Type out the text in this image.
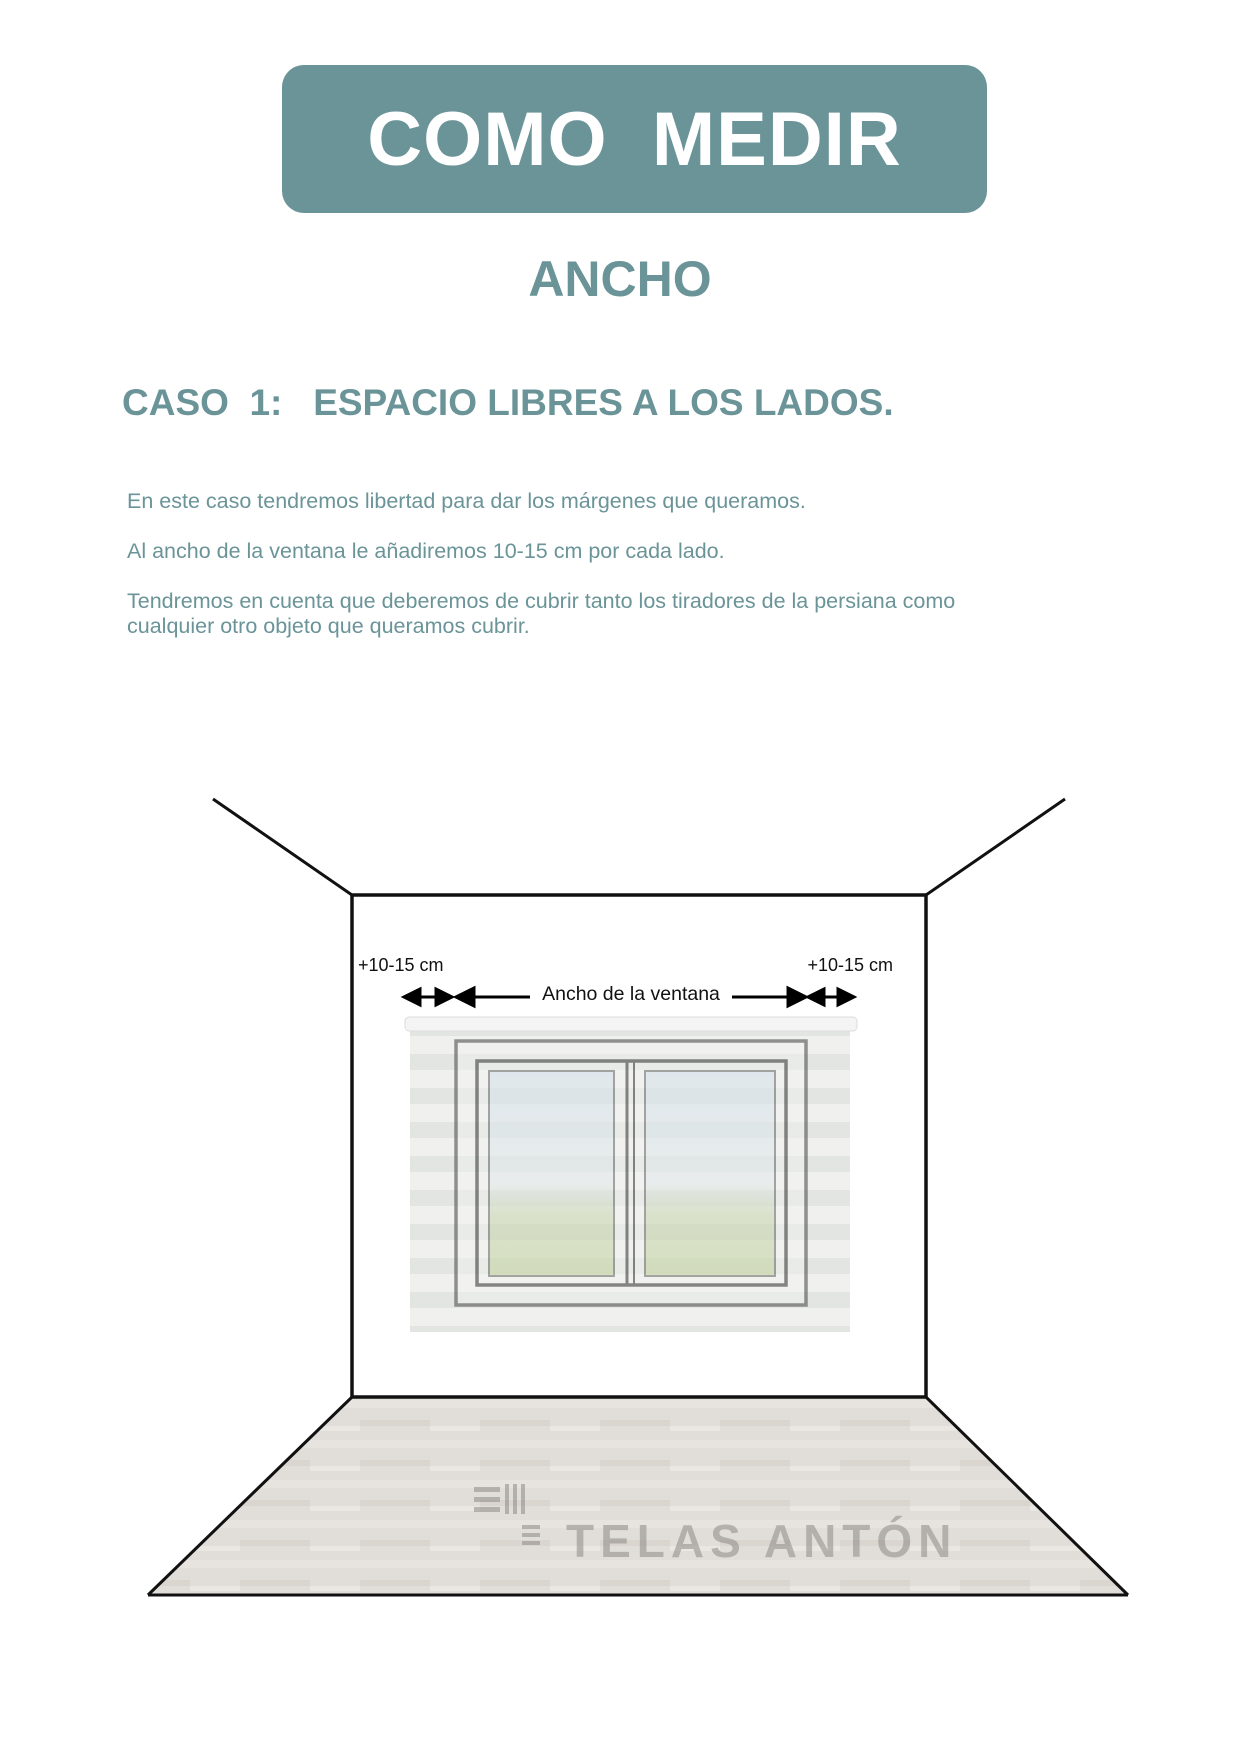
COMO  MEDIR
ANCHO
CASO  1:   ESPACIO LIBRES A LOS LADOS.
En este caso tendremos libertad para dar los márgenes que queramos.
Al ancho de la ventana le añadiremos 10-15 cm por cada lado.
Tendremos en cuenta que deberemos de cubrir tanto los tiradores de la persiana como cualquier otro objeto que queramos cubrir.
+10-15 cm
Ancho de la ventana
+10-15 cm
TELAS ANTÓN
